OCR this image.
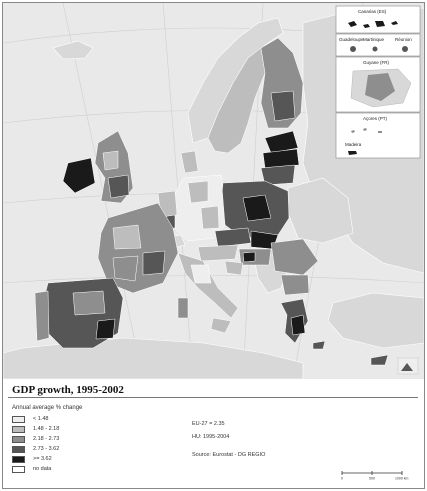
Canarias (ES)
Guadeloupe Martinique Réunion
Guyane (FR)
Açores (PT)
Madeira
GDP growth, 1995-2002
Annual average % change
< 1.48
1.48 - 2.18
2.18 - 2.73
2.73 - 3.62
>= 3.62
no data
EU-27 = 2.35
HU: 1995-2004
Source: Eurostat - DG REGIO
0	500	1000 km
